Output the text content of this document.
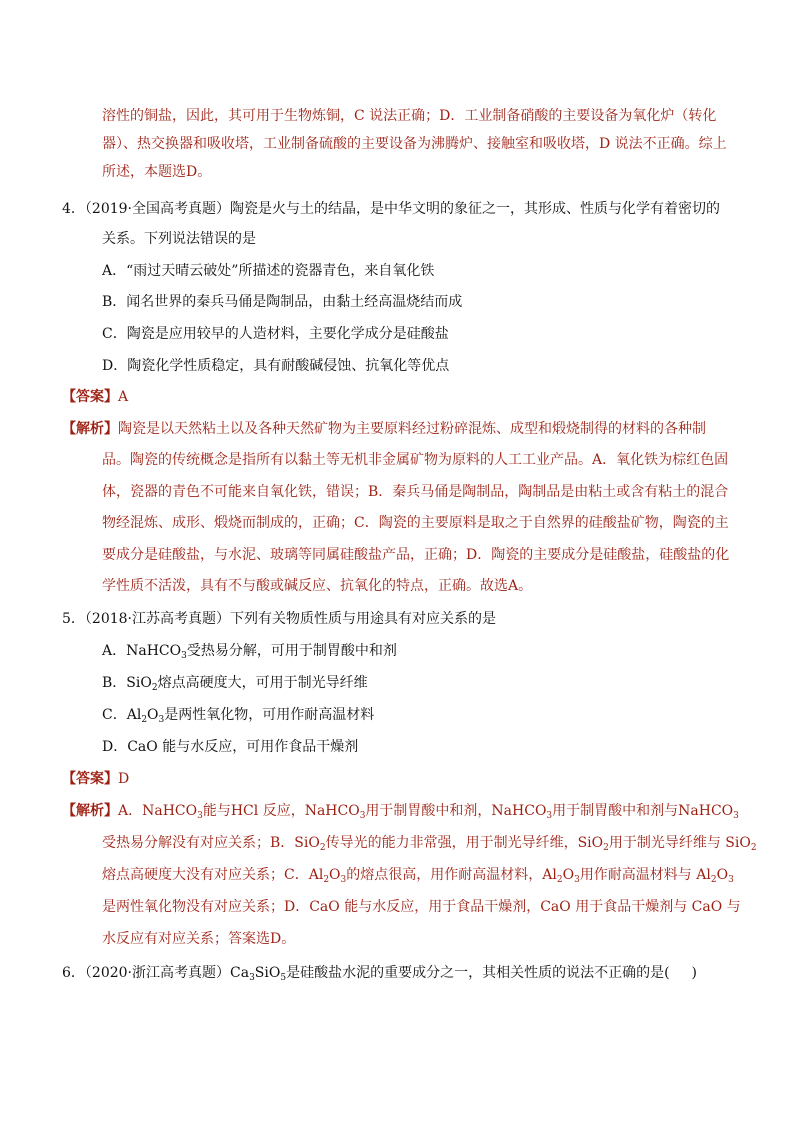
溶性的铜盐，因此，其可用于生物炼铜，C 说法正确；D．工业制备硝酸的主要设备为氧化炉（转化
器）、热交换器和吸收塔，工业制备硫酸的主要设备为沸腾炉、接触室和吸收塔，D 说法不正确。综上
所述，本题选D。
4．（2019·全国高考真题）陶瓷是火与土的结晶，是中华文明的象征之一，其形成、性质与化学有着密切的
关系。下列说法错误的是
A．“雨过天晴云破处”所描述的瓷器青色，来自氧化铁
B．闻名世界的秦兵马俑是陶制品，由黏土经高温烧结而成
C．陶瓷是应用较早的人造材料，主要化学成分是硅酸盐
D．陶瓷化学性质稳定，具有耐酸碱侵蚀、抗氧化等优点
【答案】A
【解析】陶瓷是以天然粘土以及各种天然矿物为主要原料经过粉碎混炼、成型和煅烧制得的材料的各种制
品。陶瓷的传统概念是指所有以黏土等无机非金属矿物为原料的人工工业产品。A．氧化铁为棕红色固
体，瓷器的青色不可能来自氧化铁，错误；B．秦兵马俑是陶制品，陶制品是由粘土或含有粘土的混合
物经混炼、成形、煅烧而制成的，正确；C．陶瓷的主要原料是取之于自然界的硅酸盐矿物，陶瓷的主
要成分是硅酸盐，与水泥、玻璃等同属硅酸盐产品，正确；D．陶瓷的主要成分是硅酸盐，硅酸盐的化
学性质不活泼，具有不与酸或碱反应、抗氧化的特点，正确。故选A。
5．（2018·江苏高考真题）下列有关物质性质与用途具有对应关系的是
A．NaHCO$_3$受热易分解，可用于制胃酸中和剂
B．SiO$_2$熔点高硬度大，可用于制光导纤维
C．$Al_2O_3$是两性氧化物，可用作耐高温材料
D．CaO 能与水反应，可用作食品干燥剂
【答案】D
【解析】A．NaHCO$_3$能与HCl 反应，NaHCO$_3$用于制胃酸中和剂，NaHCO$_3$用于制胃酸中和剂与NaHCO$_3$
受热易分解没有对应关系；B．SiO$_2$传导光的能力非常强，用于制光导纤维，SiO$_2$用于制光导纤维与 SiO$_2$
熔点高硬度大没有对应关系；C．$Al_2O_3$的熔点很高，用作耐高温材料，$Al_2O_3$用作耐高温材料与 $Al_2O_3$
是两性氧化物没有对应关系；D．CaO 能与水反应，用于食品干燥剂，CaO 用于食品干燥剂与 CaO 与
水反应有对应关系；答案选D。
6．（2020·浙江高考真题）$Ca_3SiO_5$是硅酸盐水泥的重要成分之一，其相关性质的说法不正确的是( )
